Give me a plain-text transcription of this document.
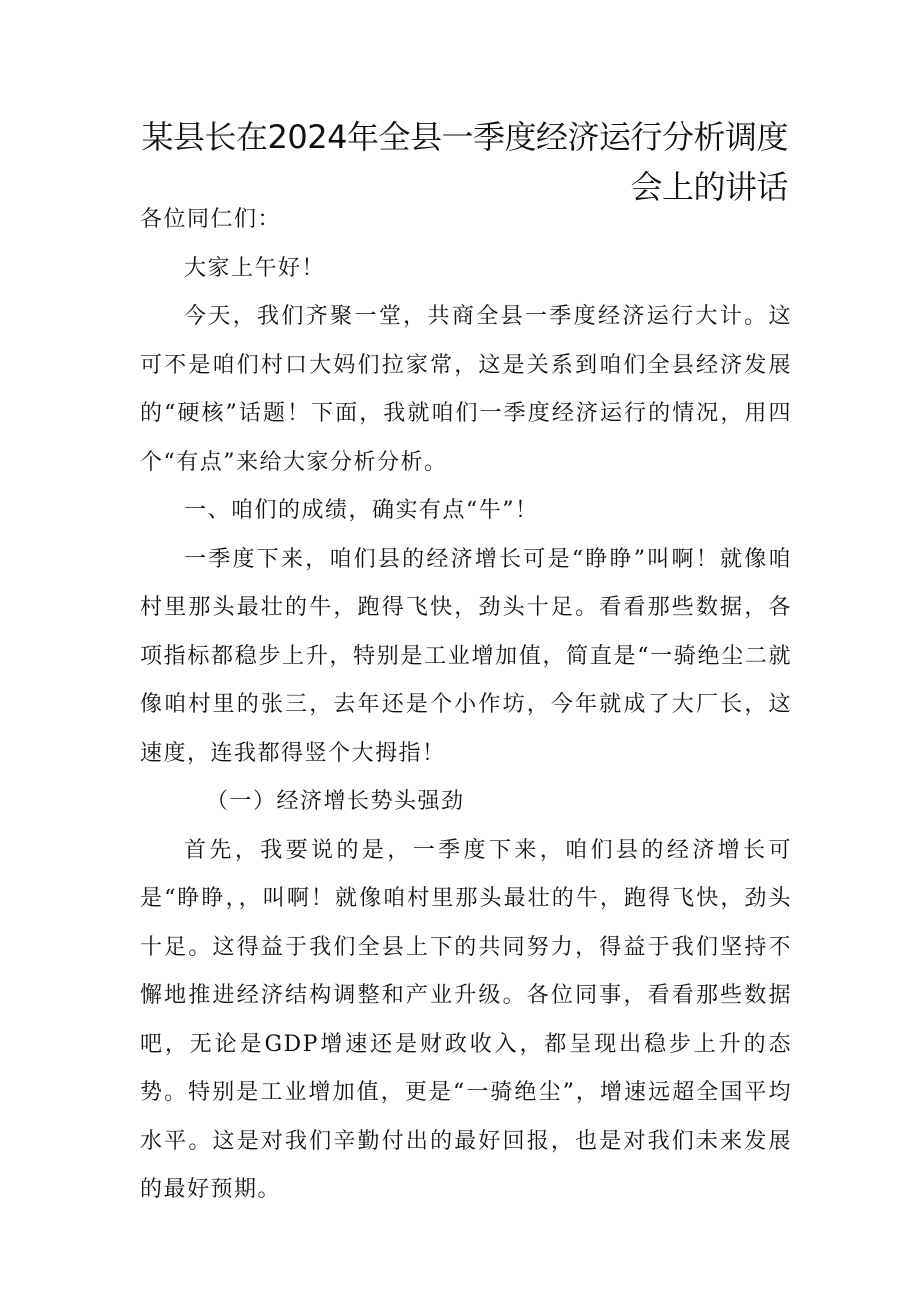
某县长在2024年全县一季度经济运行分析调度会上的讲话

各位同仁们：

大家上午好！

今天，我们齐聚一堂，共商全县一季度经济运行大计。这可不是咱们村口大妈们拉家常，这是关系到咱们全县经济发展的“硬核”话题！下面，我就咱们一季度经济运行的情况，用四个“有点”来给大家分析分析。

一、咱们的成绩，确实有点“牛”！

一季度下来，咱们县的经济增长可是“睁睁”叫啊！就像咱村里那头最壮的牛，跑得飞快，劲头十足。看看那些数据，各项指标都稳步上升，特别是工业增加值，简直是“一骑绝尘二就像咱村里的张三，去年还是个小作坊，今年就成了大厂长，这速度，连我都得竖个大拇指！

（一）经济增长势头强劲

首先，我要说的是，一季度下来，咱们县的经济增长可是“睁睁，，叫啊！就像咱村里那头最壮的牛，跑得飞快，劲头十足。这得益于我们全县上下的共同努力，得益于我们坚持不懈地推进经济结构调整和产业升级。各位同事，看看那些数据吧，无论是GDP增速还是财政收入，都呈现出稳步上升的态势。特别是工业增加值，更是“一骑绝尘”，增速远超全国平均水平。这是对我们辛勤付出的最好回报，也是对我们未来发展的最好预期。
